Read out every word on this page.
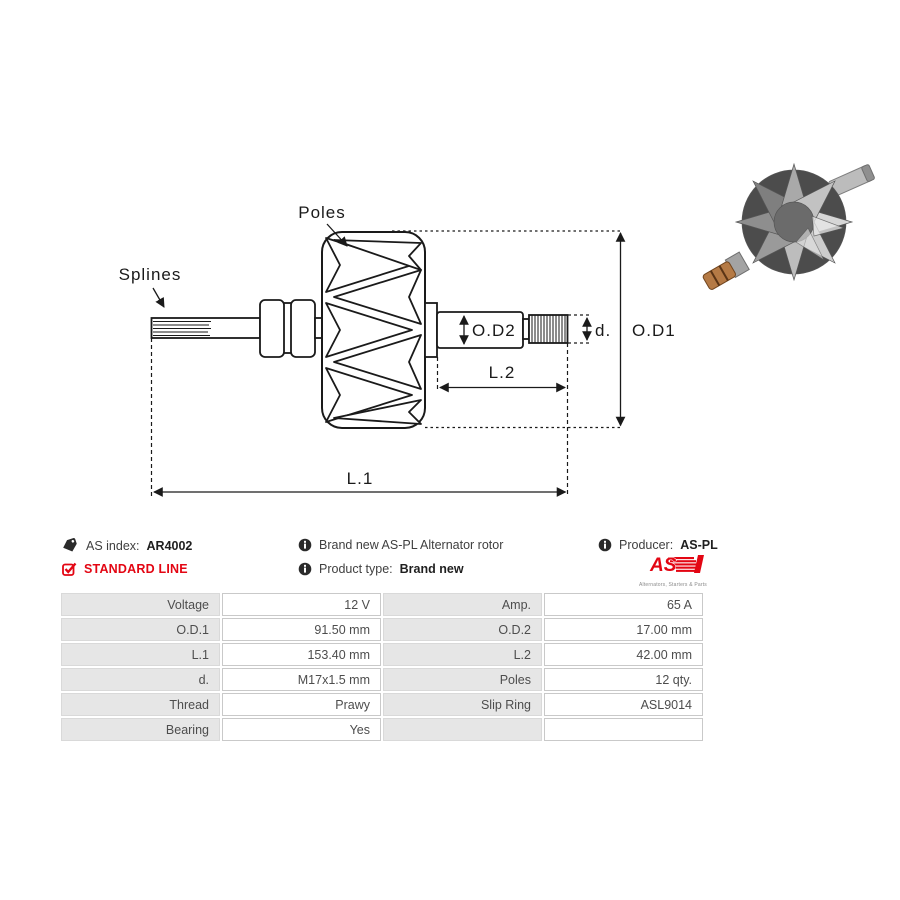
Poles
Splines
O.D2	d. O.D1
L.2
L.1
AS index: AR4002
STANDARD LINE
Brand new AS-PL Alternator rotor
Product type: Brand new
Producer: AS-PL
AS
Alternators, Starters & Parts
Voltage	12 V	Amp.	65 A
O.D.1	91.50 mm	O.D.2	17.00 mm
L.1	153.40 mm	L.2	42.00 mm
d.	M17x1.5 mm	Poles	12 qty.
Thread	Prawy	Slip Ring	ASL9014
Bearing	Yes		
